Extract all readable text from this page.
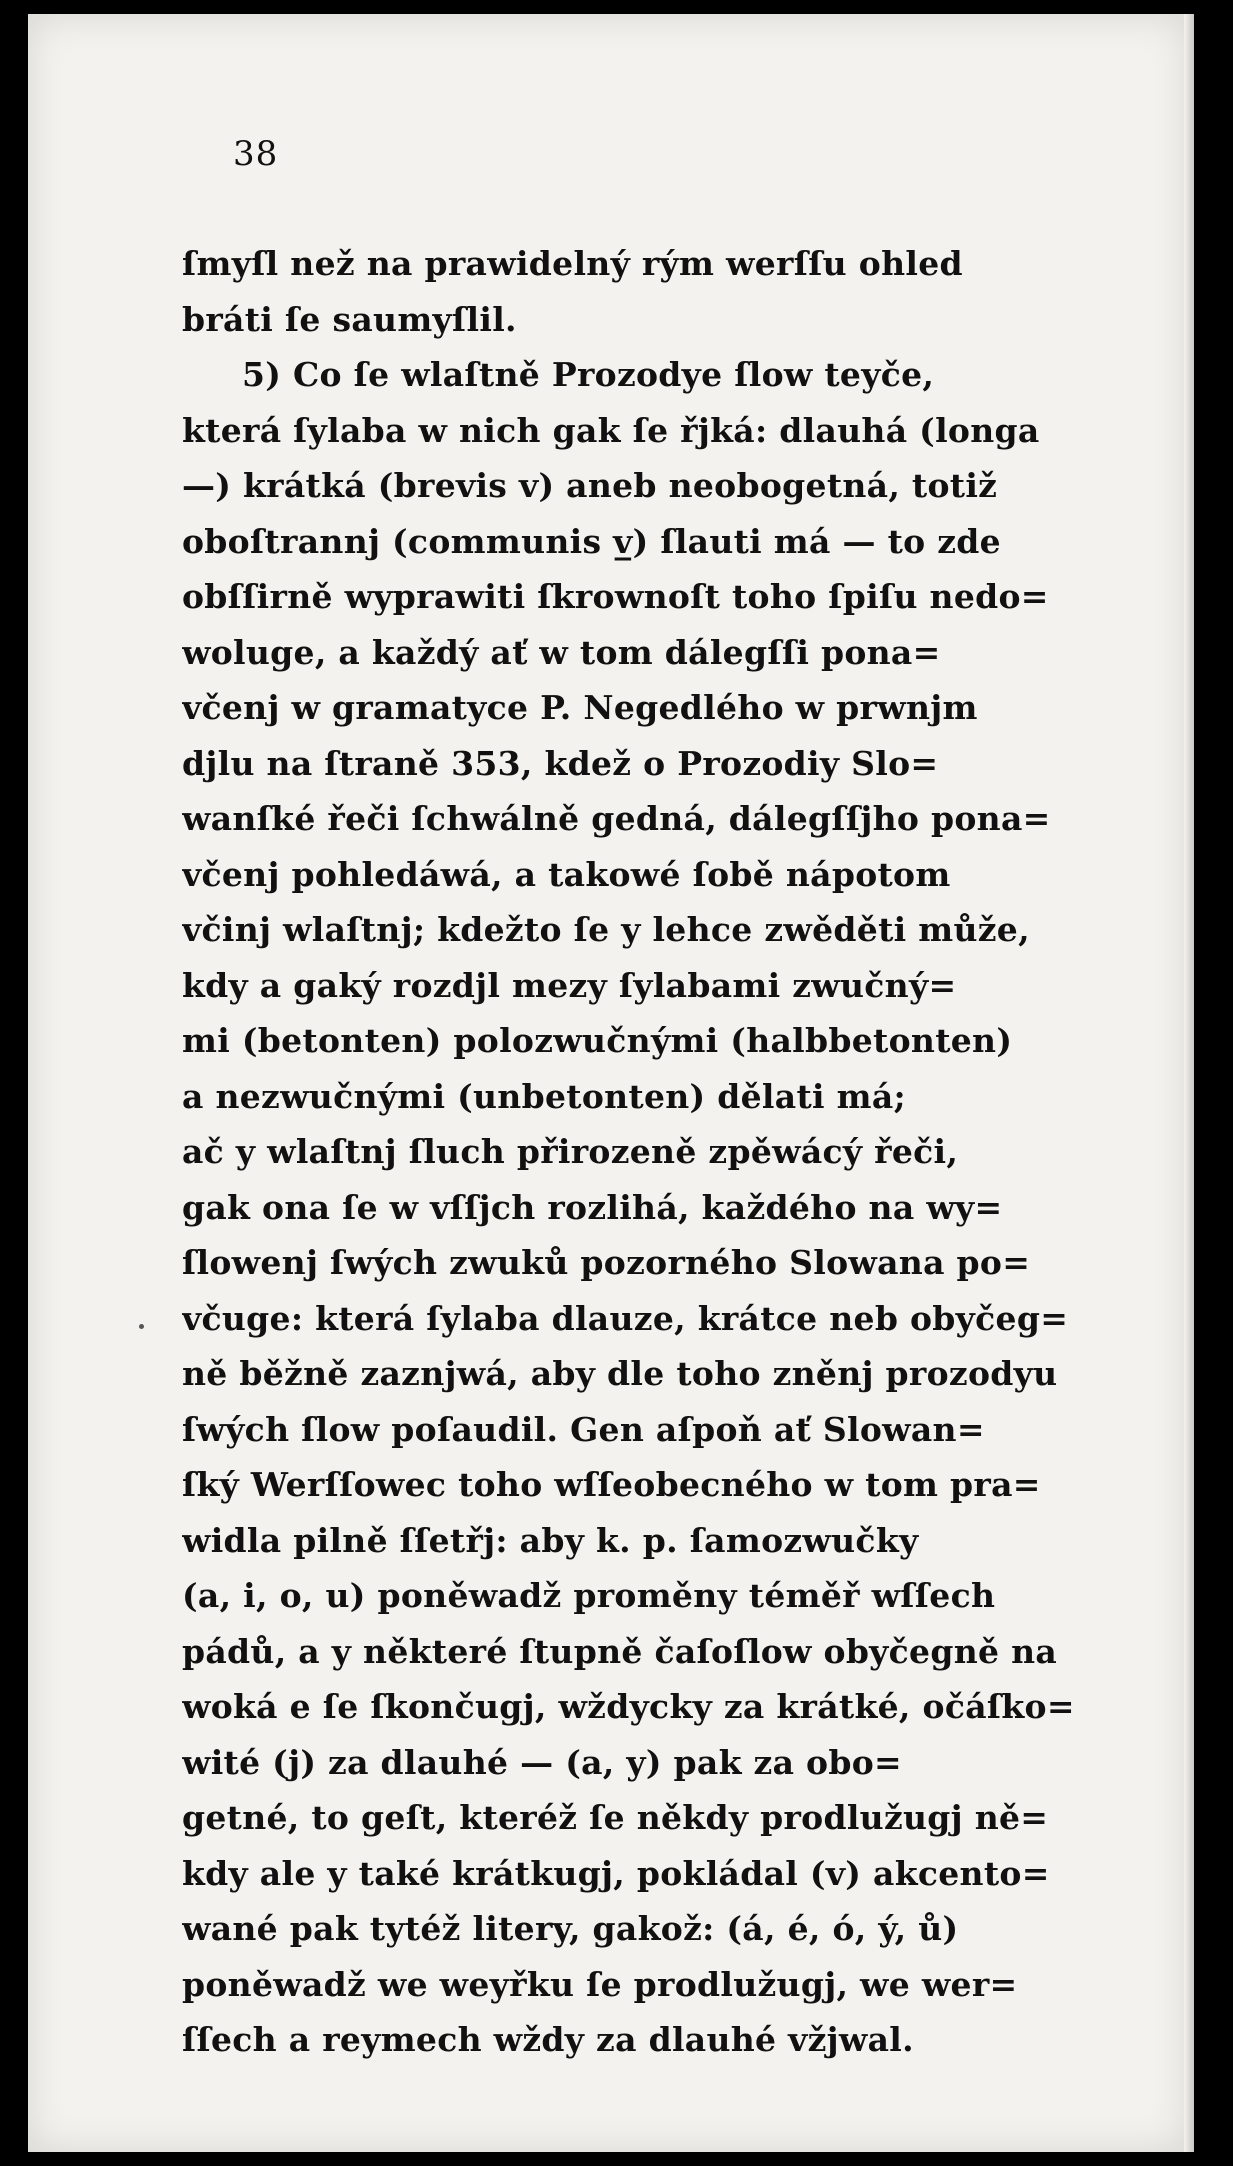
38
ſmyſl než na prawidelný rým werſſu ohled
bráti ſe saumyſlil.
5) Co ſe wlaſtně Prozodye ſlow teyče,
která ſylaba w nich gak ſe řjká: dlauhá (longa
—) krátká (brevis v) aneb neobogetná, totiž
oboſtrannj (communis v̲) ſlauti má — to zde
obſſirně wyprawiti ſkrownoſt toho ſpiſu nedo=
woluge, a každý ať w tom dálegſſi pona=
včenj w gramatyce P. Negedlého w prwnjm
djlu na ſtraně 353, kdež o Prozodiy Slo=
wanſké řeči ſchwálně gedná, dálegſſjho pona=
včenj pohledáwá, a takowé ſobě nápotom
včinj wlaſtnj; kdežto ſe y lehce zwěděti může,
kdy a gaký rozdjl mezy ſylabami zwučný=
mi (betonten) polozwučnými (halbbetonten)
a nezwučnými (unbetonten) dělati má;
ač y wlaſtnj ſluch přirozeně zpěwácý řeči,
gak ona ſe w vſſjch rozlihá, každého na wy=
ſlowenj ſwých zwuků pozorného Slowana po=
včuge: která ſylaba dlauze, krátce neb obyčeg=
ně běžně zaznjwá, aby dle toho zněnj prozodyu
ſwých ſlow poſaudil. Gen aſpoň ať Slowan=
ſký Werſſowec toho wſſeobecného w tom pra=
widla pilně ſſetřj: aby k. p. ſamozwučky
(a, i, o, u) poněwadž proměny téměř wſſech
pádů, a y některé ſtupně čaſoſlow obyčegně na
woká e ſe ſkončugj, wždycky za krátké, očáſko=
wité (j) za dlauhé — (a, y) pak za obo=
getné, to geſt, kteréž ſe někdy prodlužugj ně=
kdy ale y také krátkugj, pokládal (v) akcento=
wané pak tytéž litery, gakož: (á, é, ó, ý, ů)
poněwadž we weyřku ſe prodlužugj, we wer=
ſſech a reymech wždy za dlauhé vžjwal.
